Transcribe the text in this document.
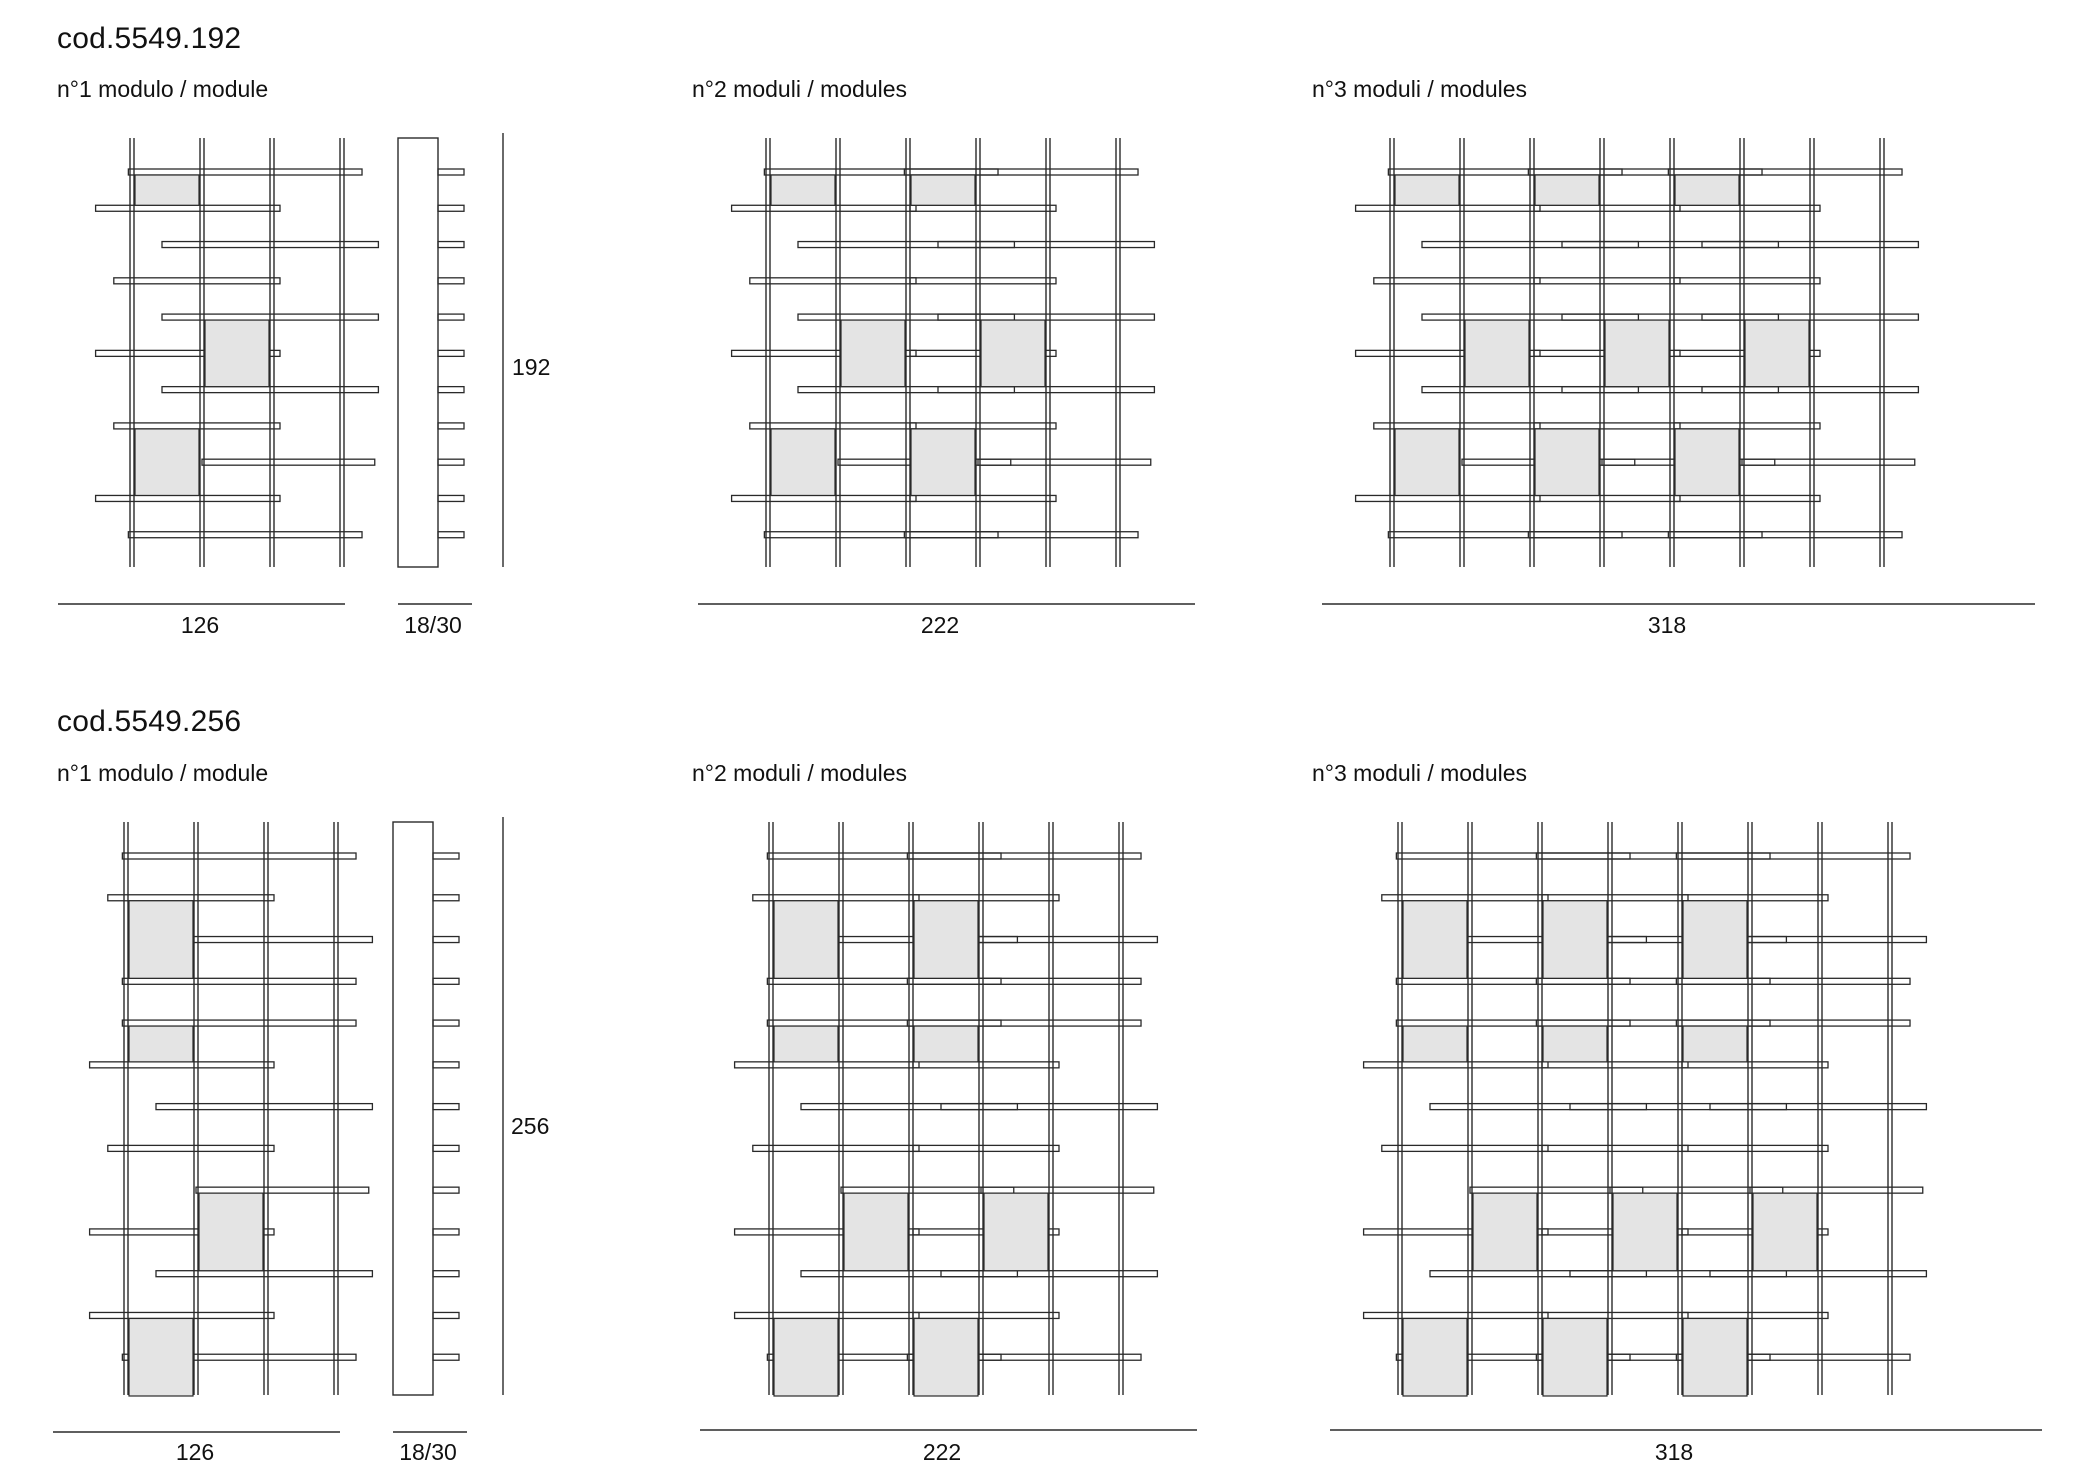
cod.5549.192
n°1 modulo / module	n°2 moduli / modules	n°3 moduli / modules
192
126	18/30	222	318
cod.5549.256
n°1 modulo / module	n°2 moduli / modules	n°3 moduli / modules
256
126	18/30	222	318
